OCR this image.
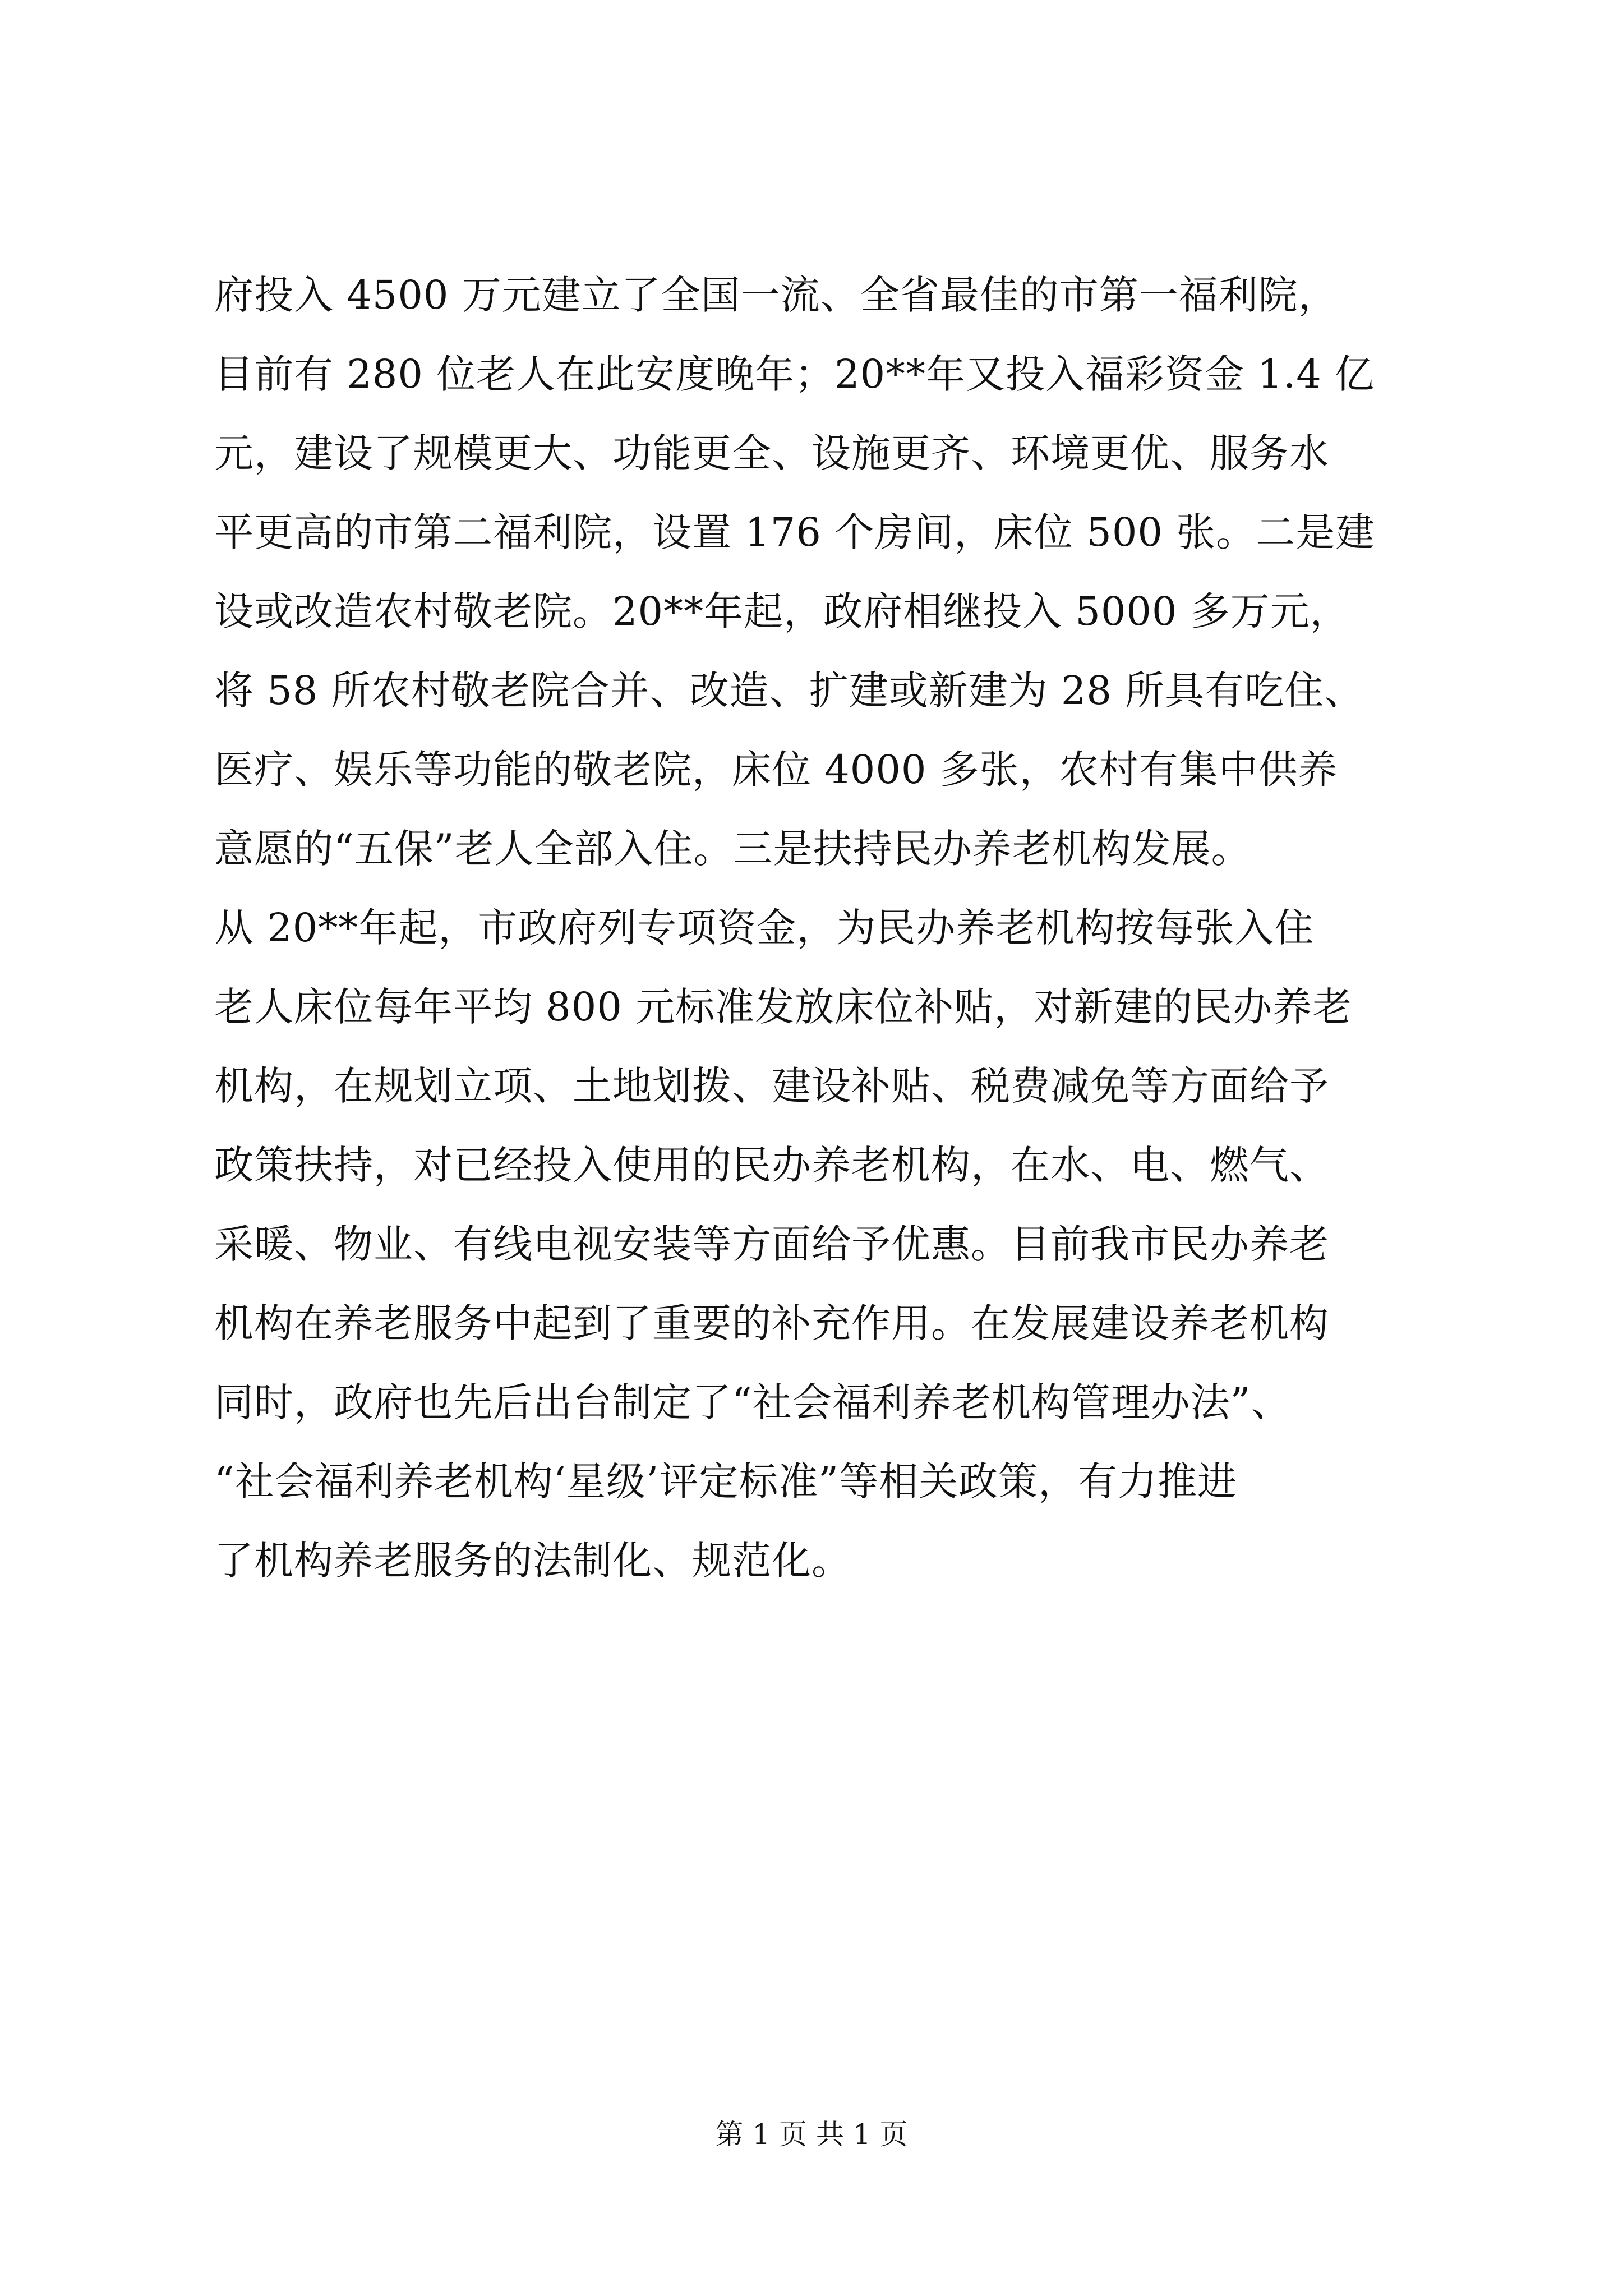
府投入 4500 万元建立了全国一流、全省最佳的市第一福利院，
目前有 280 位老人在此安度晚年；20**年又投入福彩资金 1.4 亿
元，建设了规模更大、功能更全、设施更齐、环境更优、服务水
平更高的市第二福利院，设置 176 个房间，床位 500 张。二是建
设或改造农村敬老院。20**年起，政府相继投入 5000 多万元，
将 58 所农村敬老院合并、改造、扩建或新建为 28 所具有吃住、
医疗、娱乐等功能的敬老院，床位 4000 多张，农村有集中供养
意愿的“五保”老人全部入住。三是扶持民办养老机构发展。
从 20**年起，市政府列专项资金，为民办养老机构按每张入住
老人床位每年平均 800 元标准发放床位补贴，对新建的民办养老
机构，在规划立项、土地划拨、建设补贴、税费减免等方面给予
政策扶持，对已经投入使用的民办养老机构，在水、电、燃气、
采暖、物业、有线电视安装等方面给予优惠。目前我市民办养老
机构在养老服务中起到了重要的补充作用。在发展建设养老机构
同时，政府也先后出台制定了“社会福利养老机构管理办法”、
“社会福利养老机构‘星级’评定标准”等相关政策，有力推进
了机构养老服务的法制化、规范化。
第 1 页 共 1 页
